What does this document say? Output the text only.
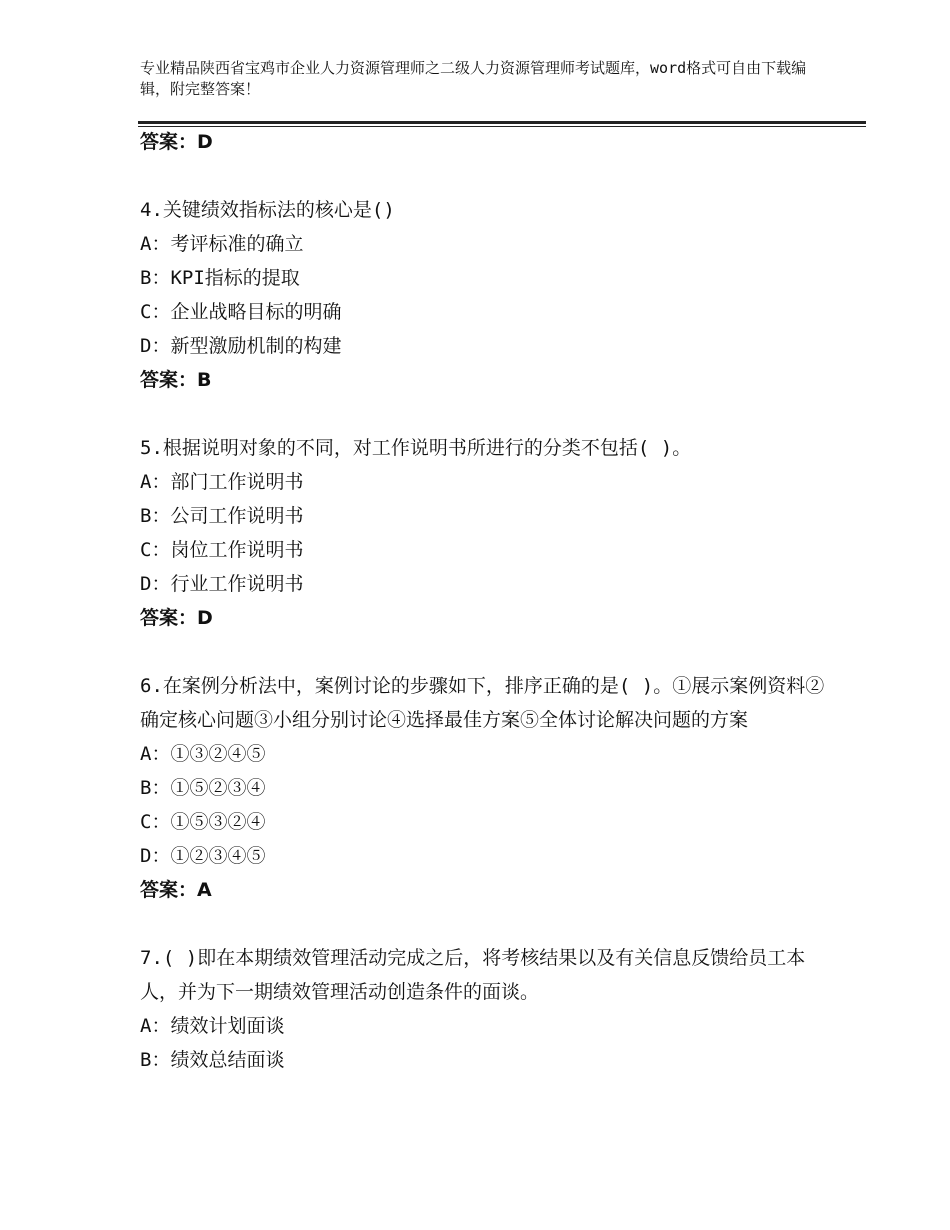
专业精品陕西省宝鸡市企业人力资源管理师之二级人力资源管理师考试题库，word格式可自由下载编辑，附完整答案！

答案：D

4.关键绩效指标法的核心是()

A：考评标准的确立

B：KPI指标的提取

C：企业战略目标的明确

D：新型激励机制的构建

答案：B

5.根据说明对象的不同，对工作说明书所进行的分类不包括( )。

A：部门工作说明书

B：公司工作说明书

C：岗位工作说明书

D：行业工作说明书

答案：D

6.在案例分析法中，案例讨论的步骤如下，排序正确的是( )。①展示案例资料②确定核心问题③小组分别讨论④选择最佳方案⑤全体讨论解决问题的方案

A：①③②④⑤

B：①⑤②③④

C：①⑤③②④

D：①②③④⑤

答案：A

7.( )即在本期绩效管理活动完成之后，将考核结果以及有关信息反馈给员工本人，并为下一期绩效管理活动创造条件的面谈。

A：绩效计划面谈

B：绩效总结面谈
